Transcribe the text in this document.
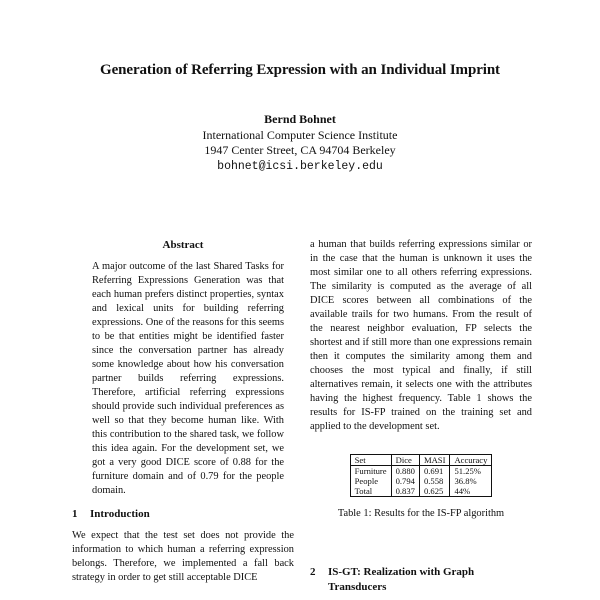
Generation of Referring Expression with an Individual Imprint
Bernd Bohnet
International Computer Science Institute
1947 Center Street, CA 94704 Berkeley
bohnet@icsi.berkeley.edu
Abstract

A major outcome of the last Shared Tasks for Referring Expressions Generation was that each human prefers distinct properties, syntax and lexical units for building referring expressions. One of the reasons for this seems to be that entities might be identified faster since the conversation partner has already some knowledge about how his conversation partner builds referring expressions. Therefore, artificial referring expressions should provide such individual preferences as well so that they become human like. With this contribution to the shared task, we follow this idea again. For the development set, we got a very good DICE score of 0.88 for the furniture domain and of 0.79 for the people domain.

1	Introduction

We expect that the test set does not provide the information to which human a referring expression belongs. Therefore, we implemented a fall back strategy in order to get still acceptable DICE

a human that builds referring expressions similar or in the case that the human is unknown it uses the most similar one to all others referring expressions. The similarity is computed as the average of all DICE scores between all combinations of the available trails for two humans. From the result of the nearest neighbor evaluation, FP selects the shortest and if still more than one expressions remain then it computes the similarity among them and chooses the most typical and finally, if still alternatives remain, it selects one with the attributes having the highest frequency. Table 1 shows the results for IS-FP trained on the training set and applied to the development set.

Set	Dice	MASI	Accuracy
Furniture	0.880	0.691	51.25%
People	0.794	0.558	36.8%
Total	0.837	0.625	44%
Table 1: Results for the IS-FP algorithm
2	IS-GT: Realization with Graph Transducers
